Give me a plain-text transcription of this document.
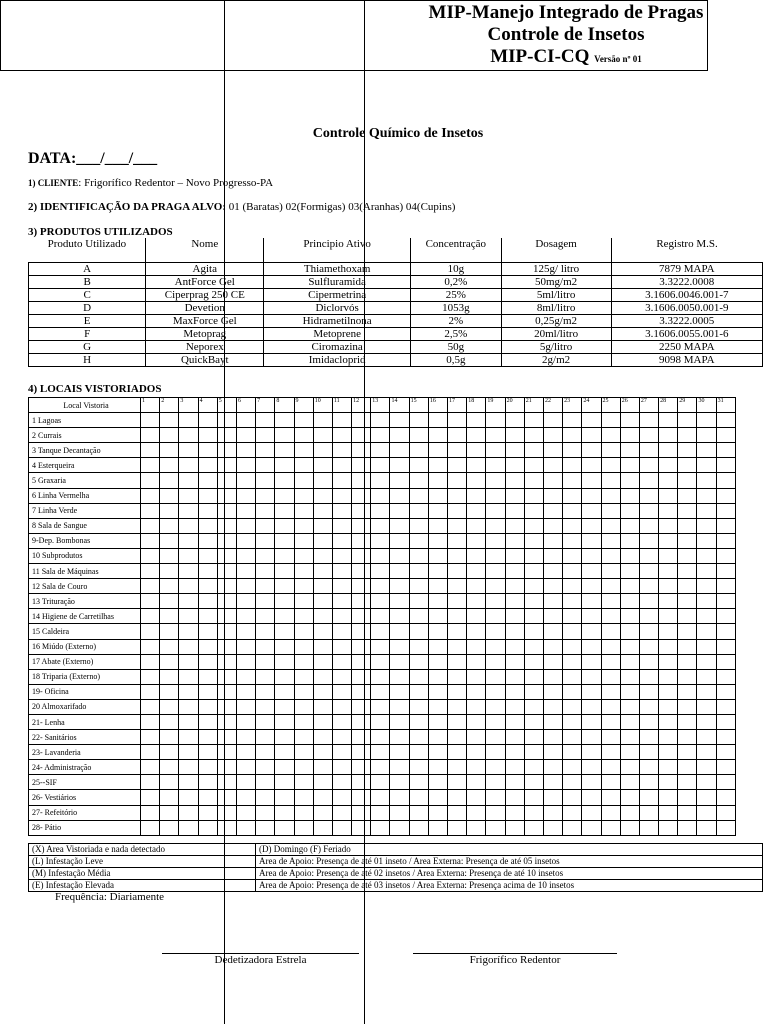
MIP-Manejo Integrado de Pragas
Controle de Insetos
MIP-CI-CQ Versão nº 01
Controle Químico de Insetos
DATA:___/___/___
1) CLIENTE: Frigorífico Redentor – Novo Progresso-PA
2) IDENTIFICAÇÃO DA PRAGA ALVO: 01 (Baratas) 02(Formigas) 03(Aranhas) 04(Cupins)
3) PRODUTOS UTILIZADOS
Produto Utilizado	Nome	Principio Ativo	Concentração	Dosagem	Registro M.S.
A	Agita	Thiamethoxam	10g	125g/ litro	7879 MAPA
B	AntForce Gel	Sulfluramida	0,2%	50mg/m2	3.3222.0008
C	Ciperprag 250 CE	Cipermetrina	25%	5ml/litro	3.1606.0046.001-7
D	Devetion	Diclorvós	1053g	8ml/litro	3.1606.0050.001-9
E	MaxForce Gel	Hidrametilnona	2%	0,25g/m2	3.3222.0005
F	Metoprag	Metoprene	2,5%	20ml/litro	3.1606.0055.001-6
G	Neporex	Ciromazina	50g	5g/litro	2250 MAPA
H	QuickBayt	Imidacloprid	0,5g	2g/m2	9098 MAPA
4) LOCAIS VISTORIADOS
Local Vistoria	1	2	3	4	5	6	7	8	9	10	11	12	13	14	15	16	17	18	19	20	21	22	23	24	25	26	27	28	29	30	31
1 Lagoas																															
2 Currais																															
3 Tanque Decantação																															
4 Esterqueira																															
5 Graxaria																															
6 Linha Vermelha																															
7 Linha Verde																															
8 Sala de Sangue																															
9-Dep. Bombonas																															
10 Subprodutos																															
11 Sala de Máquinas																															
12 Sala de Couro																															
13 Trituração																															
14 Higiene de Carretilhas																															
15 Caldeira																															
16 Miúdo (Externo)																															
17 Abate (Externo)																															
18 Triparia (Externo)																															
19- Oficina																															
20 Almoxarifado																															
21- Lenha																															
22- Sanitários																															
23- Lavanderia																															
24- Administração																															
25--SIF																															
26- Vestiários																															
27- Refeitório																															
28- Pátio																															
(X) Area Vistoriada e nada detectado	(D) Domingo (F) Feriado
(L) Infestação Leve	Area de Apoio: Presença de até 01 inseto / Area Externa: Presença de até 05 insetos
(M) Infestação Média	Area de Apoio: Presença de até 02 insetos / Area Externa: Presença de até 10 insetos
(E) Infestação Elevada	Area de Apoio: Presença de até 03 insetos / Area Externa: Presença acima de 10 insetos
Frequência: Diariamente
Dedetizadora Estrela	Frigorífico Redentor
